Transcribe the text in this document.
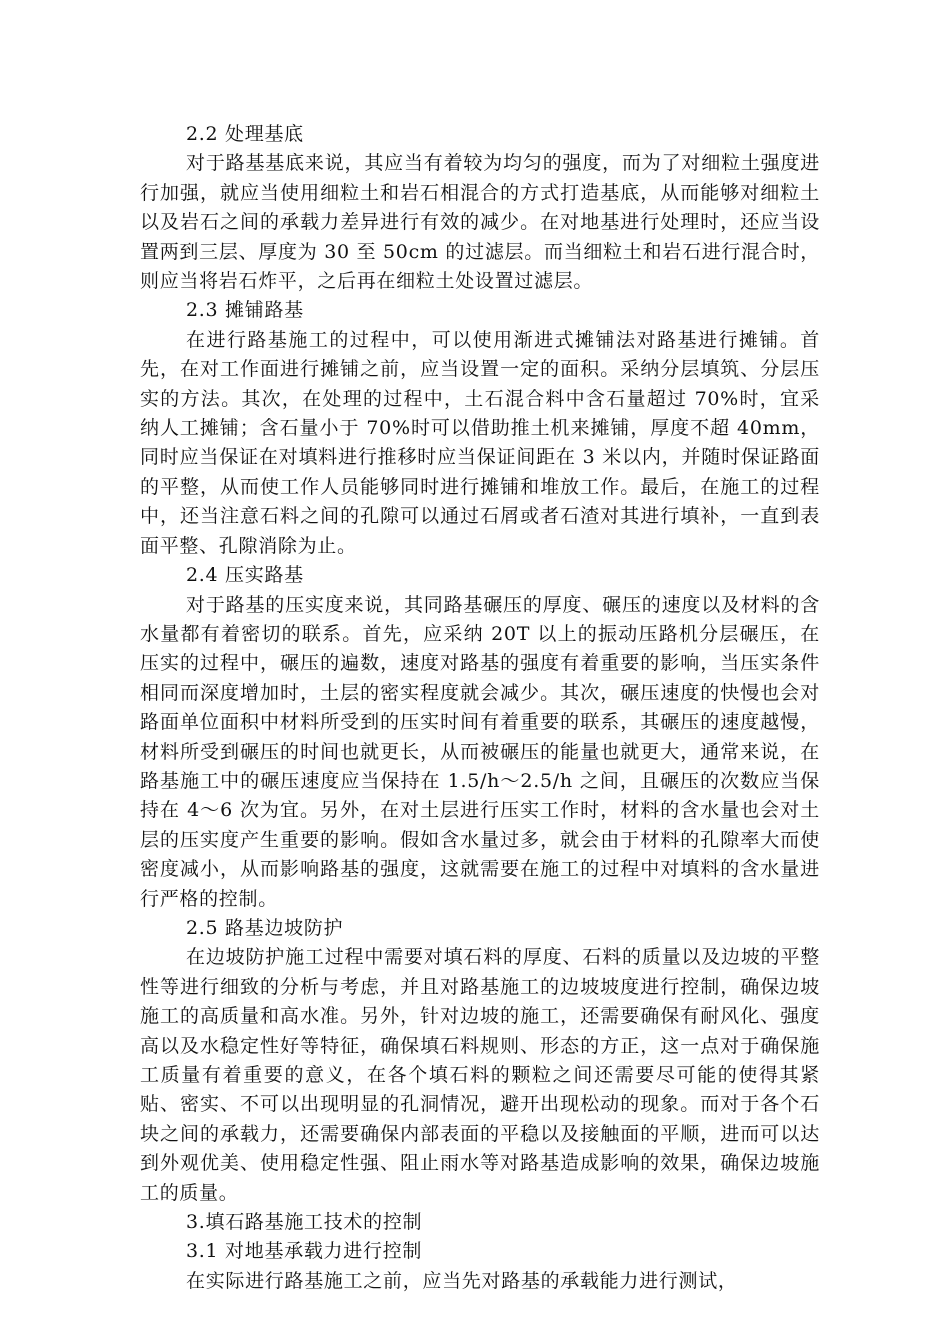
2.2 处理基底

对于路基基底来说，其应当有着较为均匀的强度，而为了对细粒土强度进行加强，就应当使用细粒土和岩石相混合的方式打造基底，从而能够对细粒土以及岩石之间的承载力差异进行有效的减少。在对地基进行处理时，还应当设置两到三层、厚度为 30 至 50cm 的过滤层。而当细粒土和岩石进行混合时，则应当将岩石炸平，之后再在细粒土处设置过滤层。

2.3 摊铺路基

在进行路基施工的过程中，可以使用渐进式摊铺法对路基进行摊铺。首先，在对工作面进行摊铺之前，应当设置一定的面积。采纳分层填筑、分层压实的方法。其次，在处理的过程中，土石混合料中含石量超过 70%时，宜采纳人工摊铺；含石量小于 70%时可以借助推土机来摊铺，厚度不超 40mm，同时应当保证在对填料进行推移时应当保证间距在 3 米以内，并随时保证路面的平整，从而使工作人员能够同时进行摊铺和堆放工作。最后，在施工的过程中，还当注意石料之间的孔隙可以通过石屑或者石渣对其进行填补，一直到表面平整、孔隙消除为止。

2.4 压实路基

对于路基的压实度来说，其同路基碾压的厚度、碾压的速度以及材料的含水量都有着密切的联系。首先，应采纳 20T 以上的振动压路机分层碾压，在压实的过程中，碾压的遍数，速度对路基的强度有着重要的影响，当压实条件相同而深度增加时，土层的密实程度就会减少。其次，碾压速度的快慢也会对路面单位面积中材料所受到的压实时间有着重要的联系，其碾压的速度越慢，材料所受到碾压的时间也就更长，从而被碾压的能量也就更大，通常来说，在路基施工中的碾压速度应当保持在 1.5/h～2.5/h 之间，且碾压的次数应当保持在 4～6 次为宜。另外，在对土层进行压实工作时，材料的含水量也会对土层的压实度产生重要的影响。假如含水量过多，就会由于材料的孔隙率大而使密度减小，从而影响路基的强度，这就需要在施工的过程中对填料的含水量进行严格的控制。

2.5 路基边坡防护

在边坡防护施工过程中需要对填石料的厚度、石料的质量以及边坡的平整性等进行细致的分析与考虑，并且对路基施工的边坡坡度进行控制，确保边坡施工的高质量和高水准。另外，针对边坡的施工，还需要确保有耐风化、强度高以及水稳定性好等特征，确保填石料规则、形态的方正，这一点对于确保施工质量有着重要的意义，在各个填石料的颗粒之间还需要尽可能的使得其紧贴、密实、不可以出现明显的孔洞情况，避开出现松动的现象。而对于各个石块之间的承载力，还需要确保内部表面的平稳以及接触面的平顺，进而可以达到外观优美、使用稳定性强、阻止雨水等对路基造成影响的效果，确保边坡施工的质量。

3.填石路基施工技术的控制

3.1 对地基承载力进行控制

在实际进行路基施工之前，应当先对路基的承载能力进行测试，
